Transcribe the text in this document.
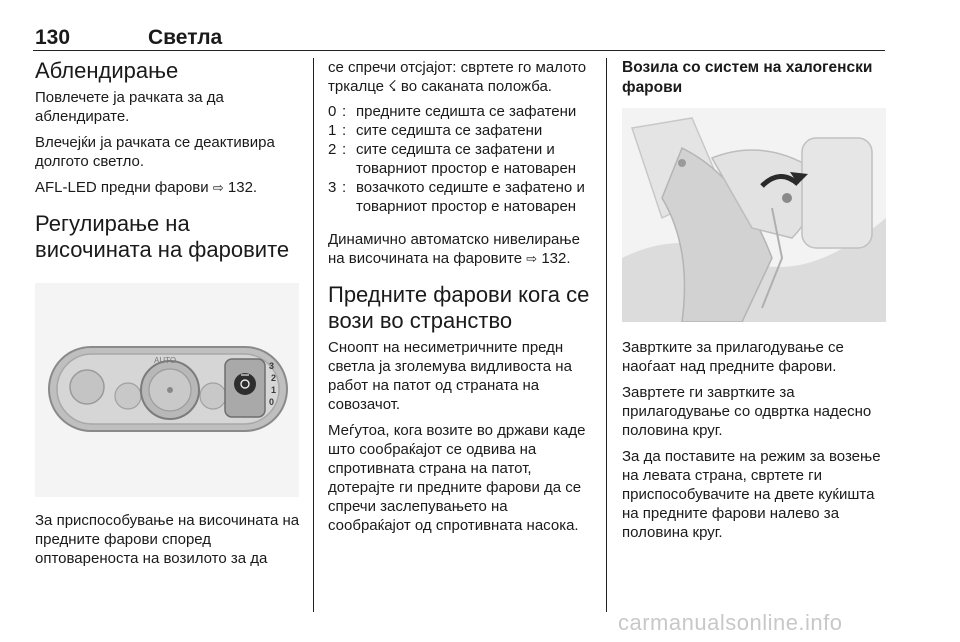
130	Светла
Аблендирање

Повлечете ја рачката за да аблендирате.

Влечејќи ја рачката се деактивира долгото светло.

AFL-LED предни фарови ⇨ 132.

Регулирање на
височината на фаровите
AUTO
3
2
1
0

За приспособување на височината на предните фарови според оптовареноста на возилото за да

се спречи отсјајот: свртете го малото тркалце ☇ во саканата положба.

0 : предните седишта се зафатени
1 : сите седишта се зафатени
2 : сите седишта се зафатени и товарниот простор е натоварен
3 : возачкото седиште е зафатено и товарниот простор е натоварен

Динамично автоматско нивелирање на височината на фаровите ⇨ 132.

Предните фарови кога се вози во странство

Сноопт на несиметричните предн светла ја зголемува видливоста на работ на патот од страната на совозачот.

Меѓутоа, кога возите во држави каде што сообраќајот се одвива на спротивната страна на патот, дотерајте ги предните фарови да се спречи заслепувањето на сообраќајот од спротивната насока.

Возила со систем на халогенски фарови

Завртките за прилагодување се наоѓаат над предните фарови.

Завртете ги завртките за прилагодување со одвртка надесно половина круг.

За да поставите на режим за возење на левата страна, свртете ги приспособувачите на двете куќишта на предните фарови налево за половина круг.

carmanualsonline.info
